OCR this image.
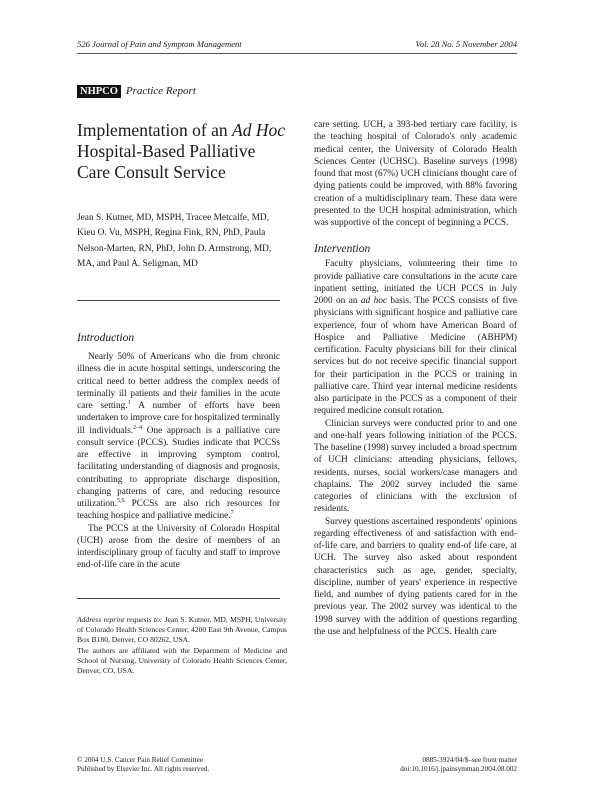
526 Journal of Pain and Symptom Management	Vol. 28 No. 5 November 2004
NHPCO Practice Report
Implementation of an Ad Hoc Hospital-Based Palliative Care Consult Service

Jean S. Kutner, MD, MSPH, Tracee Metcalfe, MD, Kieu O. Vu, MSPH, Regina Fink, RN, PhD, Paula Nelson-Marten, RN, PhD, John D. Armstrong, MD, MA, and Paul A. Seligman, MD

Introduction

Nearly 50% of Americans who die from chronic illness die in acute hospital settings, underscoring the critical need to better address the complex needs of terminally ill patients and their families in the acute care setting.$^1$ A number of efforts have been undertaken to improve care for hospitalized terminally ill individuals.$^{2-4}$ One approach is a palliative care consult service (PCCS). Studies indicate that PCCSs are effective in improving symptom control, facilitating understanding of diagnosis and prognosis, contributing to appropriate discharge disposition, changing patterns of care, and reducing resource utilization.$^{5,6}$ PCCSs are also rich resources for teaching hospice and palliative medicine.$^7$

The PCCS at the University of Colorado Hospital (UCH) arose from the desire of members of an interdisciplinary group of faculty and staff to improve end-of-life care in the acute

Address reprint requests to: Jean S. Kutner, MD, MSPH, University of Colorado Health Sciences Center, 4200 East 9th Avenue, Campus Box B180, Denver, CO 80262, USA.

The authors are affiliated with the Department of Medicine and School of Nursing, University of Colorado Health Sciences Center, Denver, CO, USA.

care setting. UCH, a 393-bed tertiary care facility, is the teaching hospital of Colorado's only academic medical center, the University of Colorado Health Sciences Center (UCHSC). Baseline surveys (1998) found that most (67%) UCH clinicians thought care of dying patients could be improved, with 88% favoring creation of a multidisciplinary team. These data were presented to the UCH hospital administration, which was supportive of the concept of beginning a PCCS.

Intervention

Faculty physicians, volunteering their time to provide palliative care consultations in the acute care inpatient setting, initiated the UCH PCCS in July 2000 on an ad hoc basis. The PCCS consists of five physicians with significant hospice and palliative care experience, four of whom have American Board of Hospice and Palliative Medicine (ABHPM) certification. Faculty physicians bill for their clinical services but do not receive specific financial support for their participation in the PCCS or training in palliative care. Third year internal medicine residents also participate in the PCCS as a component of their required medicine consult rotation.

Clinician surveys were conducted prior to and one and one-half years following initiation of the PCCS. The baseline (1998) survey included a broad spectrum of UCH clinicians: attending physicians, fellows, residents, nurses, social workers/case managers and chaplains. The 2002 survey included the same categories of clinicians with the exclusion of residents.

Survey questions ascertained respondents' opinions regarding effectiveness of and satisfaction with end-of-life care, and barriers to quality end-of life care, at UCH. The survey also asked about respondent characteristics such as age, gender, specialty, discipline, number of years' experience in respective field, and number of dying patients cared for in the previous year. The 2002 survey was identical to the 1998 survey with the addition of questions regarding the use and helpfulness of the PCCS. Health care

© 2004 U.S. Cancer Pain Relief Committee
Published by Elsevier Inc. All rights reserved.
0885-3924/04/$–see front matter
doi:10.1016/j.jpainsymman.2004.08.002
